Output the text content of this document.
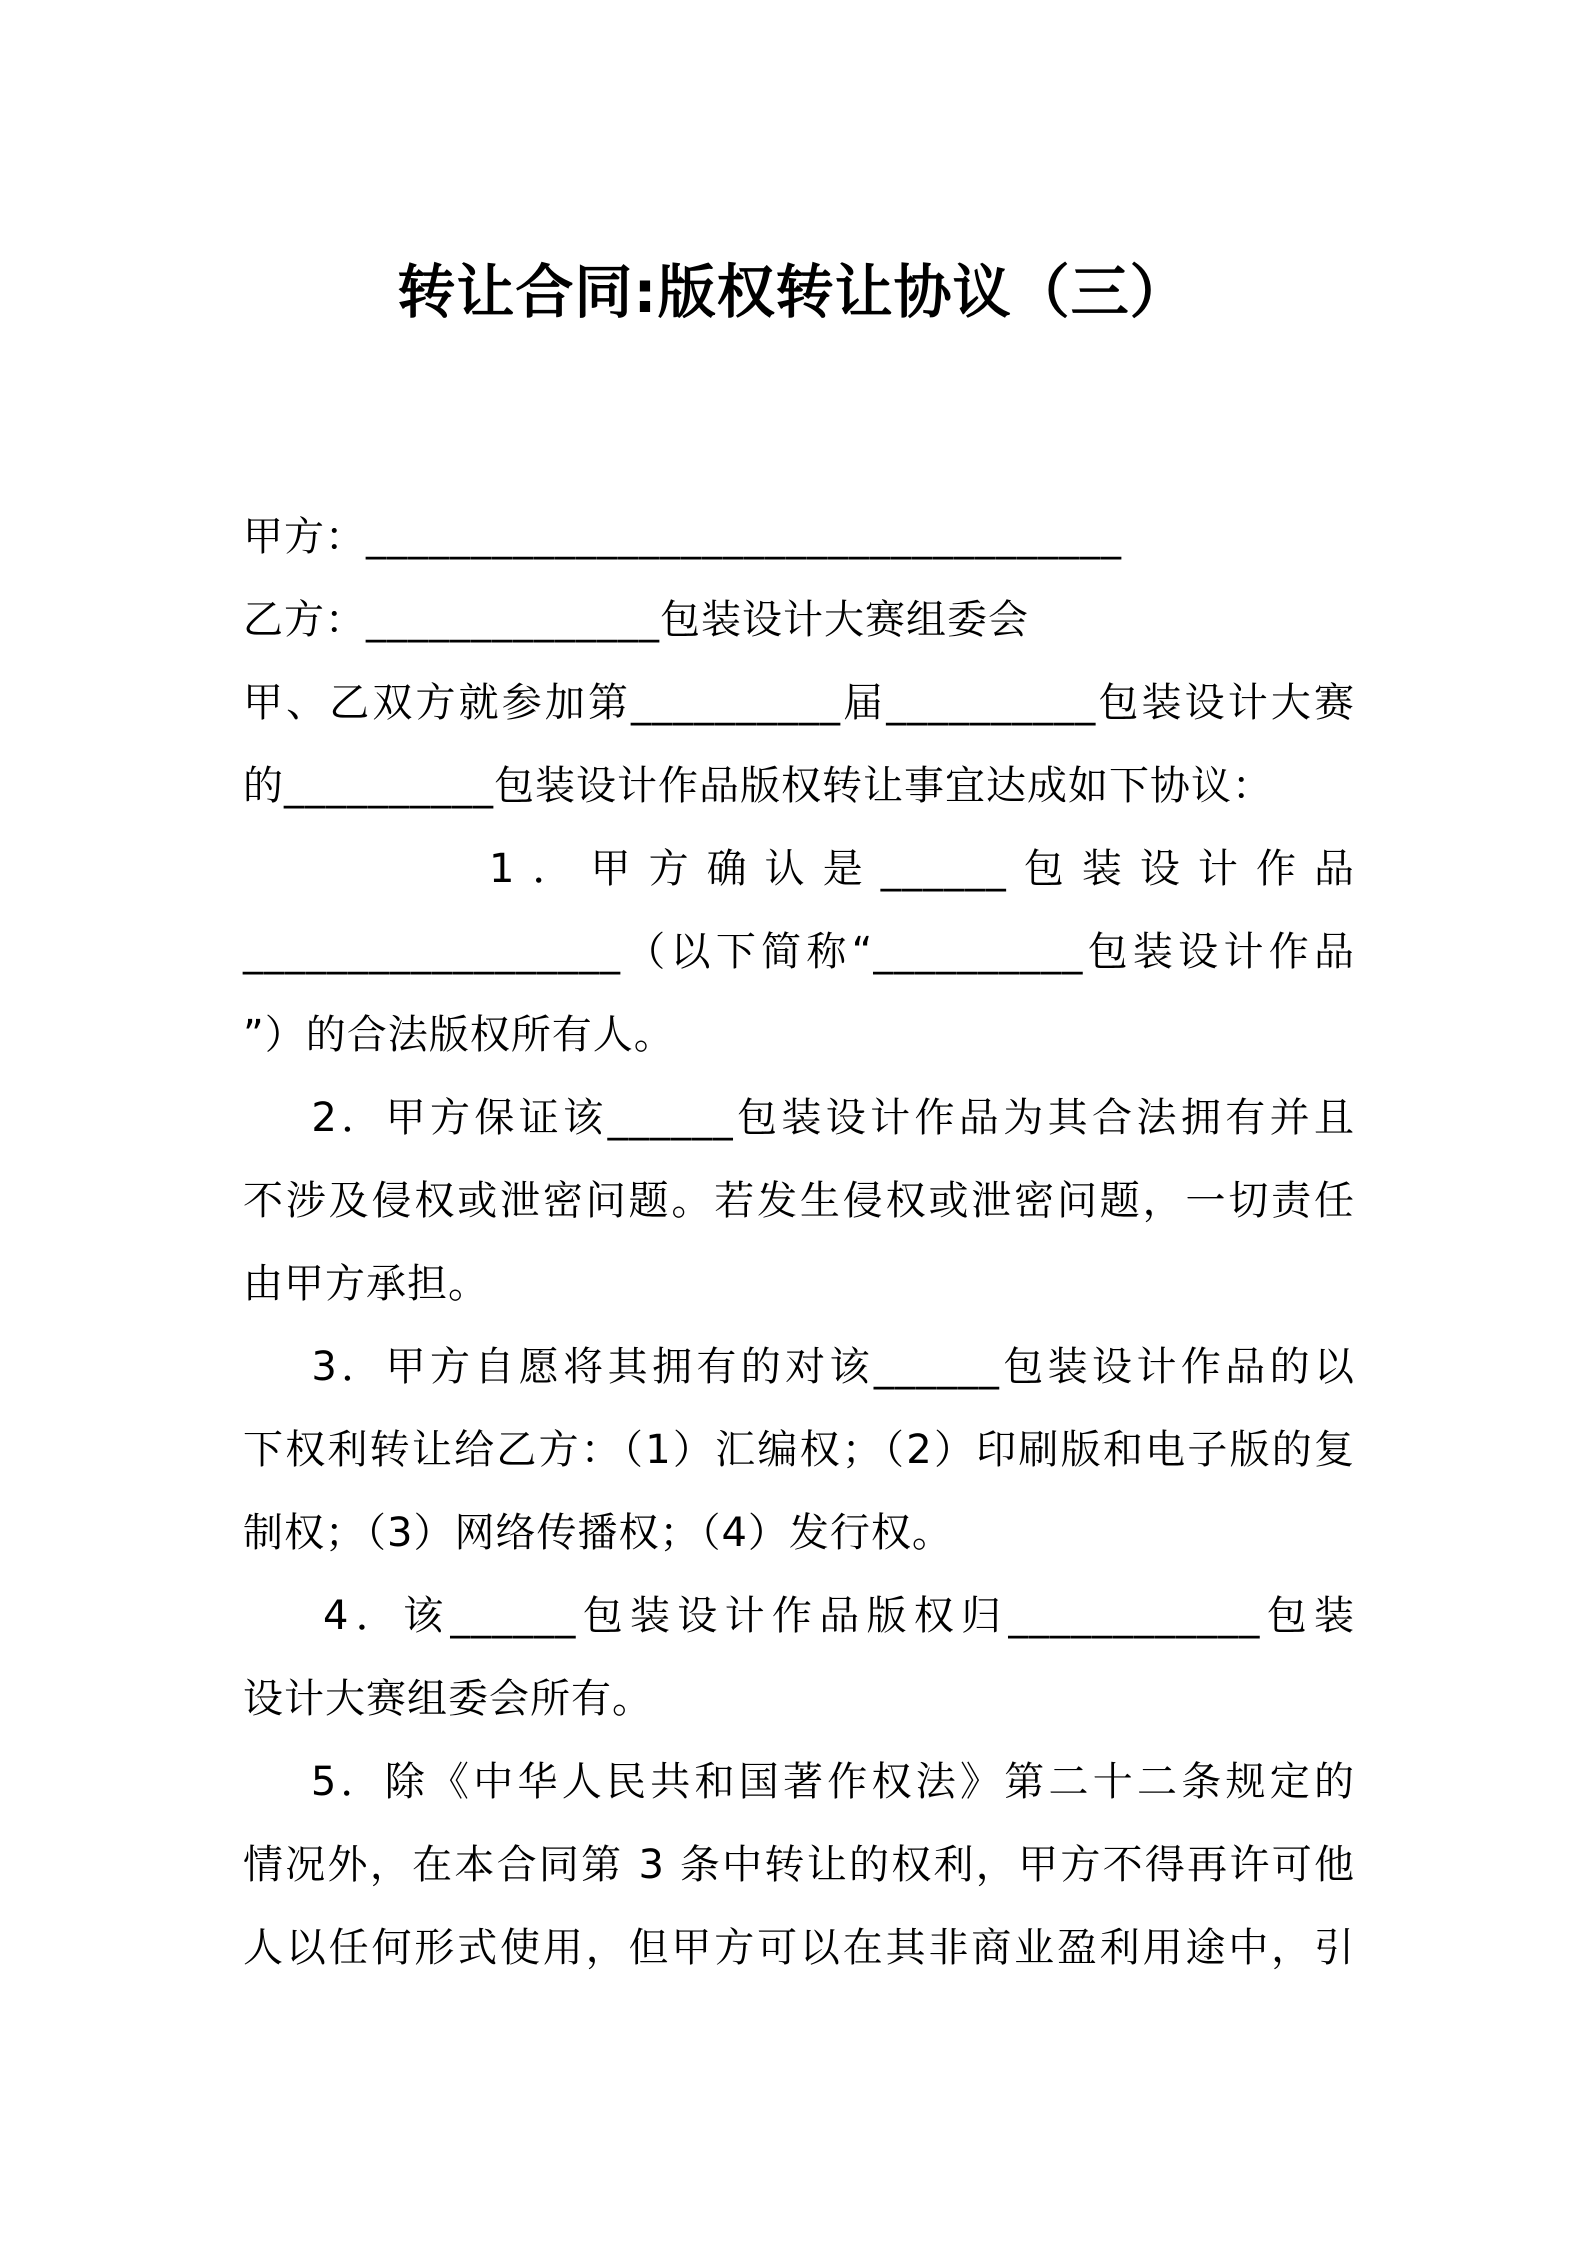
转让合同:版权转让协议（三）
甲方：____________________________________
乙方：______________包装设计大赛组委会
甲、乙双方就参加第__________届__________包装设计大赛
的__________包装设计作品版权转让事宜达成如下协议：
1．甲方确认是______包装设计作品
__________________（以下简称“__________包装设计作品
”）的合法版权所有人。
2．甲方保证该______包装设计作品为其合法拥有并且
不涉及侵权或泄密问题。若发生侵权或泄密问题，一切责任
由甲方承担。
3．甲方自愿将其拥有的对该______包装设计作品的以
下权利转让给乙方：（1）汇编权；（2）印刷版和电子版的复
制权；（3）网络传播权；（4）发行权。
4．该______包装设计作品版权归____________包装
设计大赛组委会所有。
5．除《中华人民共和国著作权法》第二十二条规定的
情况外，在本合同第 3 条中转让的权利，甲方不得再许可他
人以任何形式使用，但甲方可以在其非商业盈利用途中，引
